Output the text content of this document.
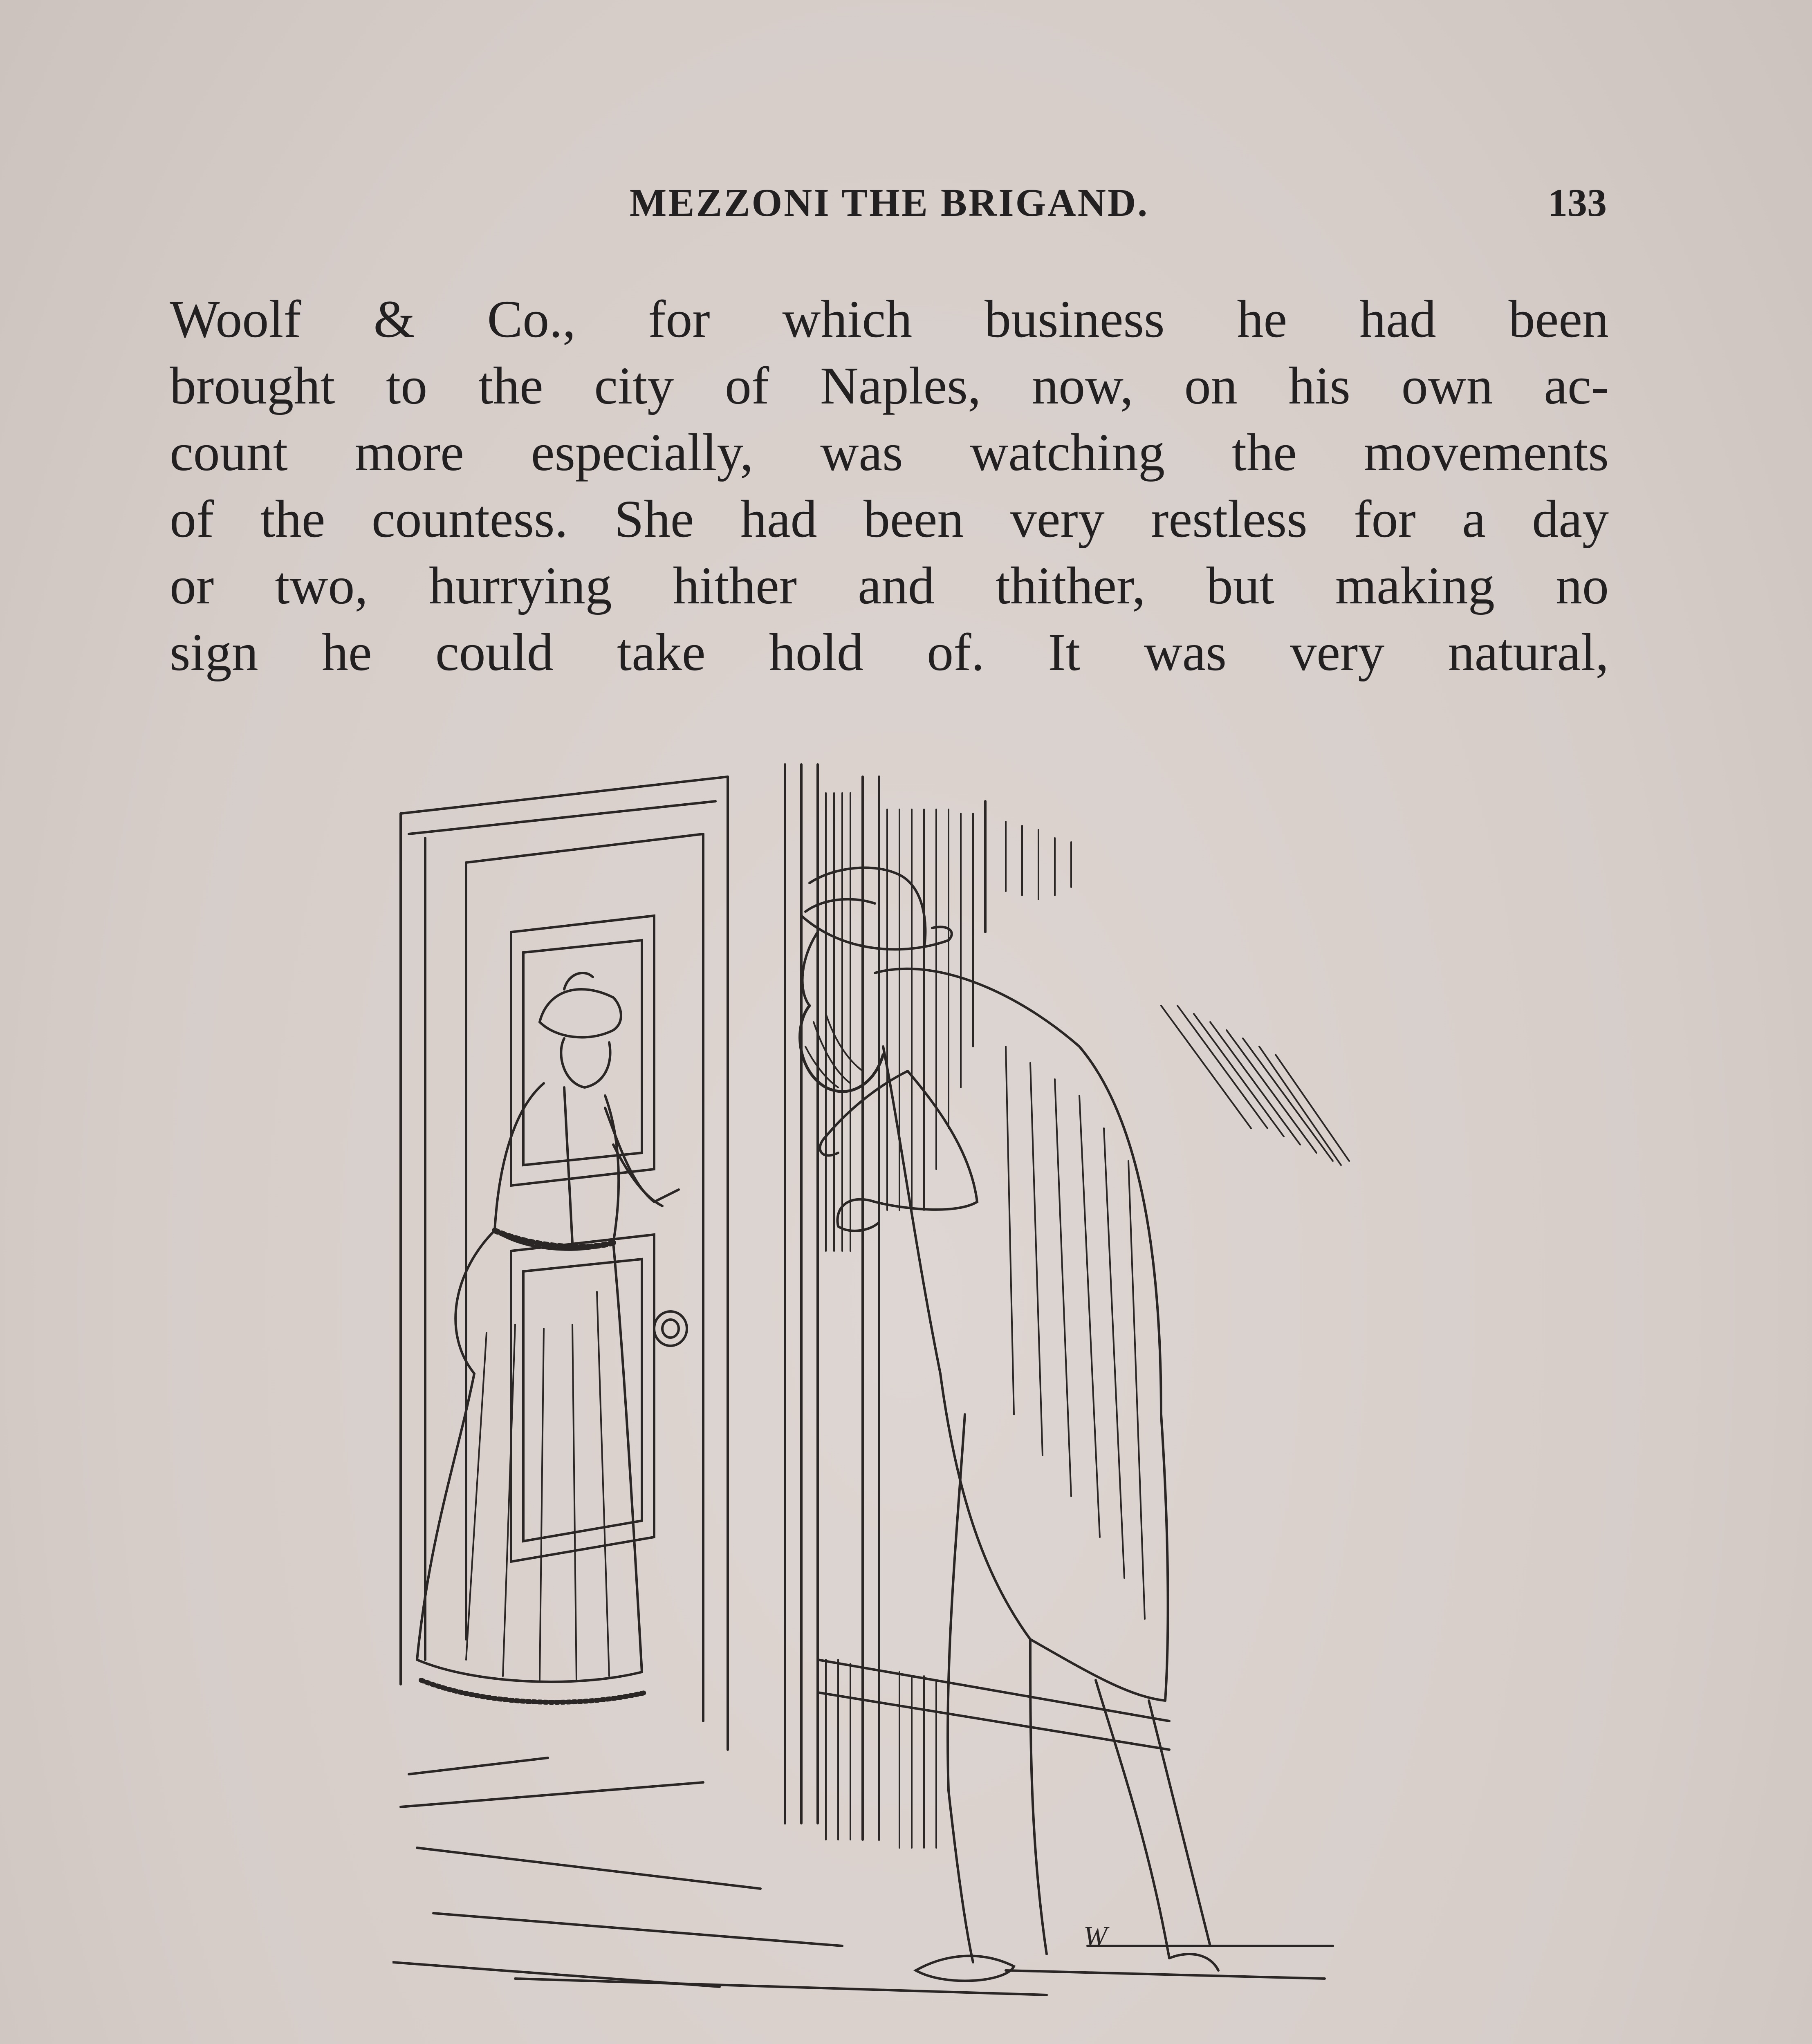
MEZZONI THE BRIGAND.	133
Woolf & Co., for which business he had been
brought to the city of Naples, now, on his own ac-
count more especially, was watching the movements
of the countess. She had been very restless for a day
or two, hurrying hither and thither, but making no
sign he could take hold of. It was very natural,
W
